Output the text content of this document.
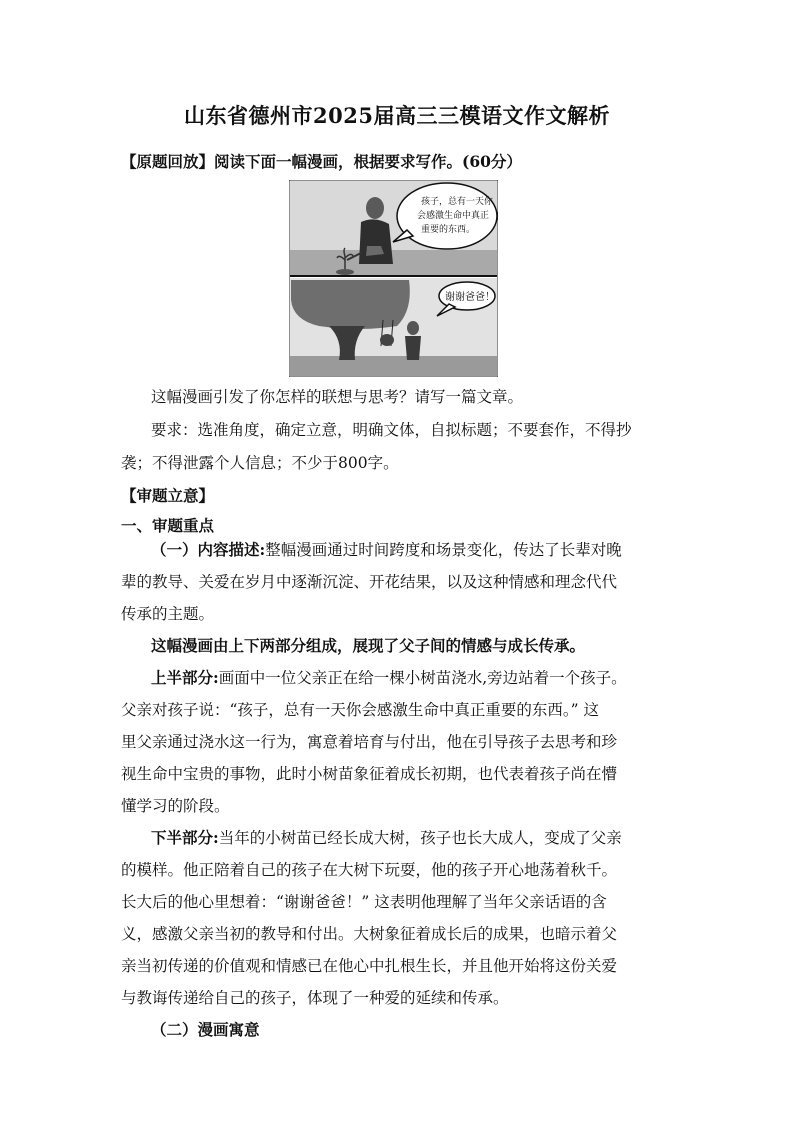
山东省德州市2025届高三三模语文作文解析
【原题回放】阅读下面一幅漫画，根据要求写作。(60分）
孩子，总有一天你
会感激生命中真正
重要的东西。
谢谢爸爸！
这幅漫画引发了你怎样的联想与思考？请写一篇文章。
要求：选准角度，确定立意，明确文体，自拟标题；不要套作，不得抄
袭；不得泄露个人信息；不少于800字。
【审题立意】
一、审题重点
（一）内容描述:整幅漫画通过时间跨度和场景变化，传达了长辈对晚
辈的教导、关爱在岁月中逐渐沉淀、开花结果，以及这种情感和理念代代
传承的主题。
这幅漫画由上下两部分组成，展现了父子间的情感与成长传承。
上半部分:画面中一位父亲正在给一棵小树苗浇水,旁边站着一个孩子。
父亲对孩子说：“孩子，总有一天你会感激生命中真正重要的东西。” 这
里父亲通过浇水这一行为，寓意着培育与付出，他在引导孩子去思考和珍
视生命中宝贵的事物，此时小树苗象征着成长初期，也代表着孩子尚在懵
懂学习的阶段。
下半部分:当年的小树苗已经长成大树，孩子也长大成人，变成了父亲
的模样。他正陪着自己的孩子在大树下玩耍，他的孩子开心地荡着秋千。
长大后的他心里想着：“谢谢爸爸！” 这表明他理解了当年父亲话语的含
义，感激父亲当初的教导和付出。大树象征着成长后的成果，也暗示着父
亲当初传递的价值观和情感已在他心中扎根生长，并且他开始将这份关爱
与教诲传递给自己的孩子，体现了一种爱的延续和传承。
（二）漫画寓意
